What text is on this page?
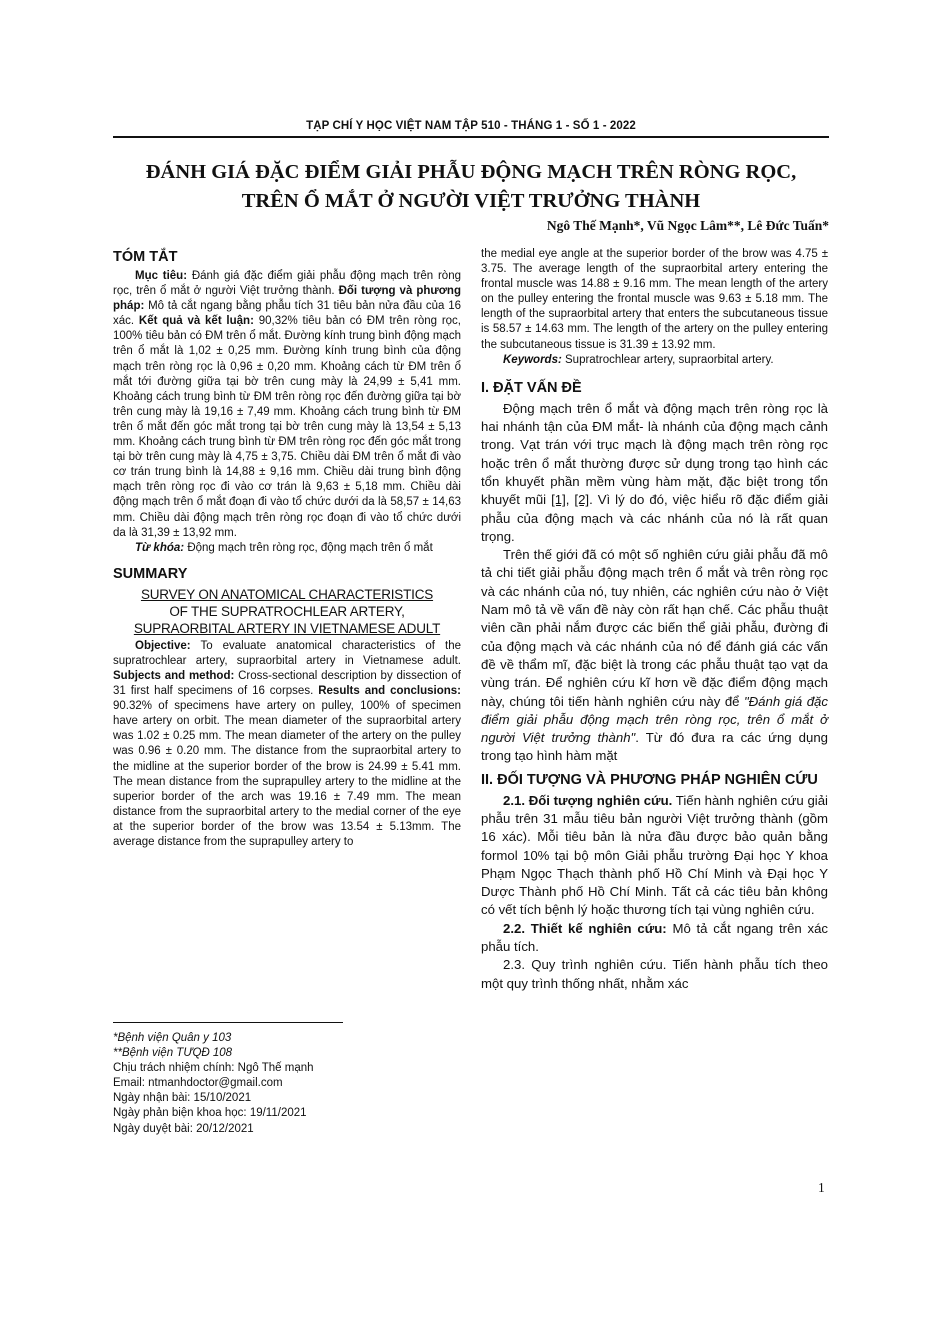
TẠP CHÍ Y HỌC VIỆT NAM TẬP 510 - THÁNG 1 - SỐ 1 - 2022
ĐÁNH GIÁ ĐẶC ĐIỂM GIẢI PHẪU ĐỘNG MẠCH TRÊN RÒNG RỌC,
TRÊN Ổ MẮT Ở NGƯỜI VIỆT TRƯỞNG THÀNH
Ngô Thế Mạnh*, Vũ Ngọc Lâm**, Lê Đức Tuấn*
TÓM TẮT

Mục tiêu: Đánh giá đặc điểm giải phẫu động mạch trên ròng rọc, trên ổ mắt ở người Việt trưởng thành. Đối tượng và phương pháp: Mô tả cắt ngang bằng phẫu tích 31 tiêu bản nửa đầu của 16 xác. Kết quả và kết luận: 90,32% tiêu bản có ĐM trên ròng rọc, 100% tiêu bản có ĐM trên ổ mắt. Đường kính trung bình động mạch trên ổ mắt là 1,02 ± 0,25 mm. Đường kính trung bình của động mạch trên ròng rọc là 0,96 ± 0,20 mm. Khoảng cách từ ĐM trên ổ mắt tới đường giữa tại bờ trên cung mày là 24,99 ± 5,41 mm. Khoảng cách trung bình từ ĐM trên ròng rọc đến đường giữa tại bờ trên cung mày là 19,16 ± 7,49 mm. Khoảng cách trung bình từ ĐM trên ổ mắt đến góc mắt trong tại bờ trên cung mày là 13,54 ± 5,13 mm. Khoảng cách trung bình từ ĐM trên ròng rọc đến góc mắt trong tại bờ trên cung mày là 4,75 ± 3,75. Chiều dài ĐM trên ổ mắt đi vào cơ trán trung bình là 14,88 ± 9,16 mm. Chiều dài trung bình động mạch trên ròng rọc đi vào cơ trán là 9,63 ± 5,18 mm. Chiều dài động mạch trên ổ mắt đoạn đi vào tổ chức dưới da là 58,57 ± 14,63 mm. Chiều dài động mạch trên ròng rọc đoạn đi vào tổ chức dưới da là 31,39 ± 13,92 mm.

Từ khóa: Động mạch trên ròng rọc, động mạch trên ổ mắt

SUMMARY
SURVEY ON ANATOMICAL CHARACTERISTICS
OF THE SUPRATROCHLEAR ARTERY,
SUPRAORBITAL ARTERY IN VIETNAMESE ADULT

Objective: To evaluate anatomical characteristics of the supratrochlear artery, supraorbital artery in Vietnamese adult. Subjects and method: Cross-sectional description by dissection of 31 first half specimens of 16 corpses. Results and conclusions: 90.32% of specimens have artery on pulley, 100% of specimen have artery on orbit. The mean diameter of the supraorbital artery was 1.02 ± 0.25 mm. The mean diameter of the artery on the pulley was 0.96 ± 0.20 mm. The distance from the supraorbital artery to the midline at the superior border of the brow is 24.99 ± 5.41 mm. The mean distance from the suprapulley artery to the midline at the superior border of the arch was 19.16 ± 7.49 mm. The mean distance from the supraorbital artery to the medial corner of the eye at the superior border of the brow was 13.54 ± 5.13mm. The average distance from the suprapulley artery to

*Bệnh viện Quân y 103
**Bệnh viện TƯQĐ 108
Chịu trách nhiệm chính: Ngô Thế mạnh
Email: ntmanhdoctor@gmail.com
Ngày nhận bài: 15/10/2021
Ngày phản biện khoa học: 19/11/2021
Ngày duyệt bài: 20/12/2021

the medial eye angle at the superior border of the brow was 4.75 ± 3.75. The average length of the supraorbital artery entering the frontal muscle was 14.88 ± 9.16 mm. The mean length of the artery on the pulley entering the frontal muscle was 9.63 ± 5.18 mm. The length of the supraorbital artery that enters the subcutaneous tissue is 58.57 ± 14.63 mm. The length of the artery on the pulley entering the subcutaneous tissue is 31.39 ± 13.92 mm.

Keywords: Supratrochlear artery, supraorbital artery.

I. ĐẶT VẤN ĐỀ

Động mạch trên ổ mắt và động mạch trên ròng rọc là hai nhánh tận của ĐM mắt- là nhánh của động mạch cảnh trong. Vạt trán với trục mạch là động mạch trên ròng rọc hoặc trên ổ mắt thường được sử dụng trong tạo hình các tổn khuyết phần mềm vùng hàm mặt, đặc biệt trong tổn khuyết mũi [1], [2]. Vì lý do đó, việc hiểu rõ đặc điểm giải phẫu của động mạch và các nhánh của nó là rất quan trọng.

Trên thế giới đã có một số nghiên cứu giải phẫu đã mô tả chi tiết giải phẫu động mạch trên ổ mắt và trên ròng rọc và các nhánh của nó, tuy nhiên, các nghiên cứu nào ở Việt Nam mô tả về vấn đề này còn rất hạn chế. Các phẫu thuật viên cần phải nắm được các biến thể giải phẫu, đường đi của động mạch và các nhánh của nó để đánh giá các vấn đề về thẩm mĩ, đặc biệt là trong các phẫu thuật tạo vạt da vùng trán. Để nghiên cứu kĩ hơn về đặc điểm động mạch này, chúng tôi tiến hành nghiên cứu này để "Đánh giá đặc điểm giải phẫu động mạch trên ròng rọc, trên ổ mắt ở người Việt trưởng thành". Từ đó đưa ra các ứng dụng trong tạo hình hàm mặt

II. ĐỐI TƯỢNG VÀ PHƯƠNG PHÁP NGHIÊN CỨU

2.1. Đối tượng nghiên cứu. Tiến hành nghiên cứu giải phẫu trên 31 mẫu tiêu bản người Việt trưởng thành (gồm 16 xác). Mỗi tiêu bản là nửa đầu được bảo quản bằng formol 10% tại bộ môn Giải phẫu trường Đại học Y khoa Phạm Ngọc Thạch thành phố Hồ Chí Minh và Đại học Y Dược Thành phố Hồ Chí Minh. Tất cả các tiêu bản không có vết tích bệnh lý hoặc thương tích tại vùng nghiên cứu.

2.2. Thiết kế nghiên cứu: Mô tả cắt ngang trên xác phẫu tích.

2.3. Quy trình nghiên cứu. Tiến hành phẫu tích theo một quy trình thống nhất, nhằm xác

1
